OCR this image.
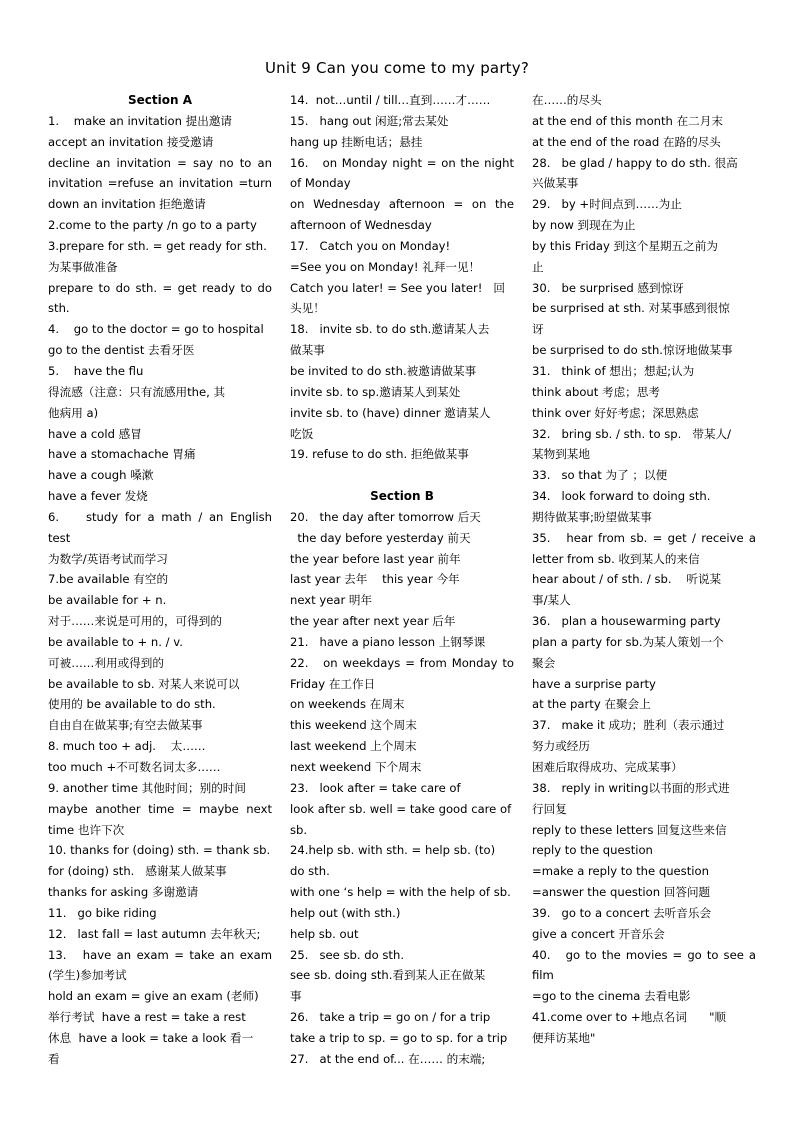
Unit 9 Can you come to my party?
Section A
1.    make an invitation 提出邀请
accept an invitation 接受邀请
decline an invitation = say no to an
invitation =refuse an invitation =turn
down an invitation 拒绝邀请
2.come to the party /n go to a party
3.prepare for sth. = get ready for sth.
为某事做准备
prepare to do sth. = get ready to do
sth.
4.    go to the doctor = go to hospital
go to the dentist 去看牙医
5.    have the flu
得流感（注意：只有流感用the, 其
他病用 a)
have a cold 感冒
have a stomachache 胃痛
have a cough 嗓漱
have a fever 发烧
6.    study for a math / an English
test
为数学/英语考试而学习
7.be available 有空的
be available for + n.
对于……来说是可用的，可得到的
be available to + n. / v.
可被……利用或得到的
be available to sb. 对某人来说可以
使用的 be available to do sth.
自由自在做某事;有空去做某事
8. much too + adj.    太……
too much +不可数名词太多……
9. another time 其他时间；别的时间
maybe another time = maybe next
time 也许下次
10. thanks for (doing) sth. = thank sb.
for (doing) sth.   感谢某人做某事
thanks for asking 多谢邀请
11.   go bike riding
12.   last fall = last autumn 去年秋天;
13.   have an exam = take an exam
(学生)参加考试
hold an exam = give an exam (老师)
举行考试  have a rest = take a rest
休息  have a look = take a look 看一
看
14.  not…until / till…直到……才……
15.   hang out 闲逛;常去某处
hang up 挂断电话；悬挂
16.   on Monday night = on the night
of Monday
on Wednesday afternoon = on the
afternoon of Wednesday
17.   Catch you on Monday!
=See you on Monday! 礼拜一见！
Catch you later! = See you later!   回
头见！
18.   invite sb. to do sth.邀请某人去
做某事
be invited to do sth.被邀请做某事
invite sb. to sp.邀请某人到某处
invite sb. to (have) dinner 邀请某人
吃饭
19. refuse to do sth. 拒绝做某事
Section B
20.   the day after tomorrow 后天
the day before yesterday 前天
the year before last year 前年
last year 去年    this year 今年
next year 明年
the year after next year 后年
21.   have a piano lesson 上钢琴课
22.   on weekdays = from Monday to
Friday 在工作日
on weekends 在周末
this weekend 这个周末
last weekend 上个周末
next weekend 下个周末
23.   look after = take care of
look after sb. well = take good care of
sb.
24.help sb. with sth. = help sb. (to)
do sth.
with one ‘s help = with the help of sb.
help out (with sth.)
help sb. out
25.   see sb. do sth.
see sb. doing sth.看到某人正在做某
事
26.   take a trip = go on / for a trip
take a trip to sp. = go to sp. for a trip
27.   at the end of... 在…… 的末端;
在……的尽头
at the end of this month 在二月末
at the end of the road 在路的尽头
28.   be glad / happy to do sth. 很高
兴做某事
29.   by +时间点到……为止
by now 到现在为止
by this Friday 到这个星期五之前为
止
30.   be surprised 感到惊讶
be surprised at sth. 对某事感到很惊
讶
be surprised to do sth.惊讶地做某事
31.   think of 想出；想起;认为
think about 考虑；思考
think over 好好考虑；深思熟虑
32.   bring sb. / sth. to sp.   带某人/
某物到某地
33.   so that 为了 ；以便
34.   look forward to doing sth.
期待做某事;盼望做某事
35.   hear from sb. = get / receive a
letter from sb. 收到某人的来信
hear about / of sth. / sb.    听说某
事/某人
36.   plan a housewarming party
plan a party for sb.为某人策划一个
聚会
have a surprise party
at the party 在聚会上
37.   make it 成功；胜利（表示通过
努力或经历
困难后取得成功、完成某事）
38.   reply in writing以书面的形式进
行回复
reply to these letters 回复这些来信
reply to the question
=make a reply to the question
=answer the question 回答问题
39.   go to a concert 去听音乐会
give a concert 开音乐会
40.   go to the movies = go to see a
film
=go to the cinema 去看电影
41.come over to +地点名词      "顺
便拜访某地"
